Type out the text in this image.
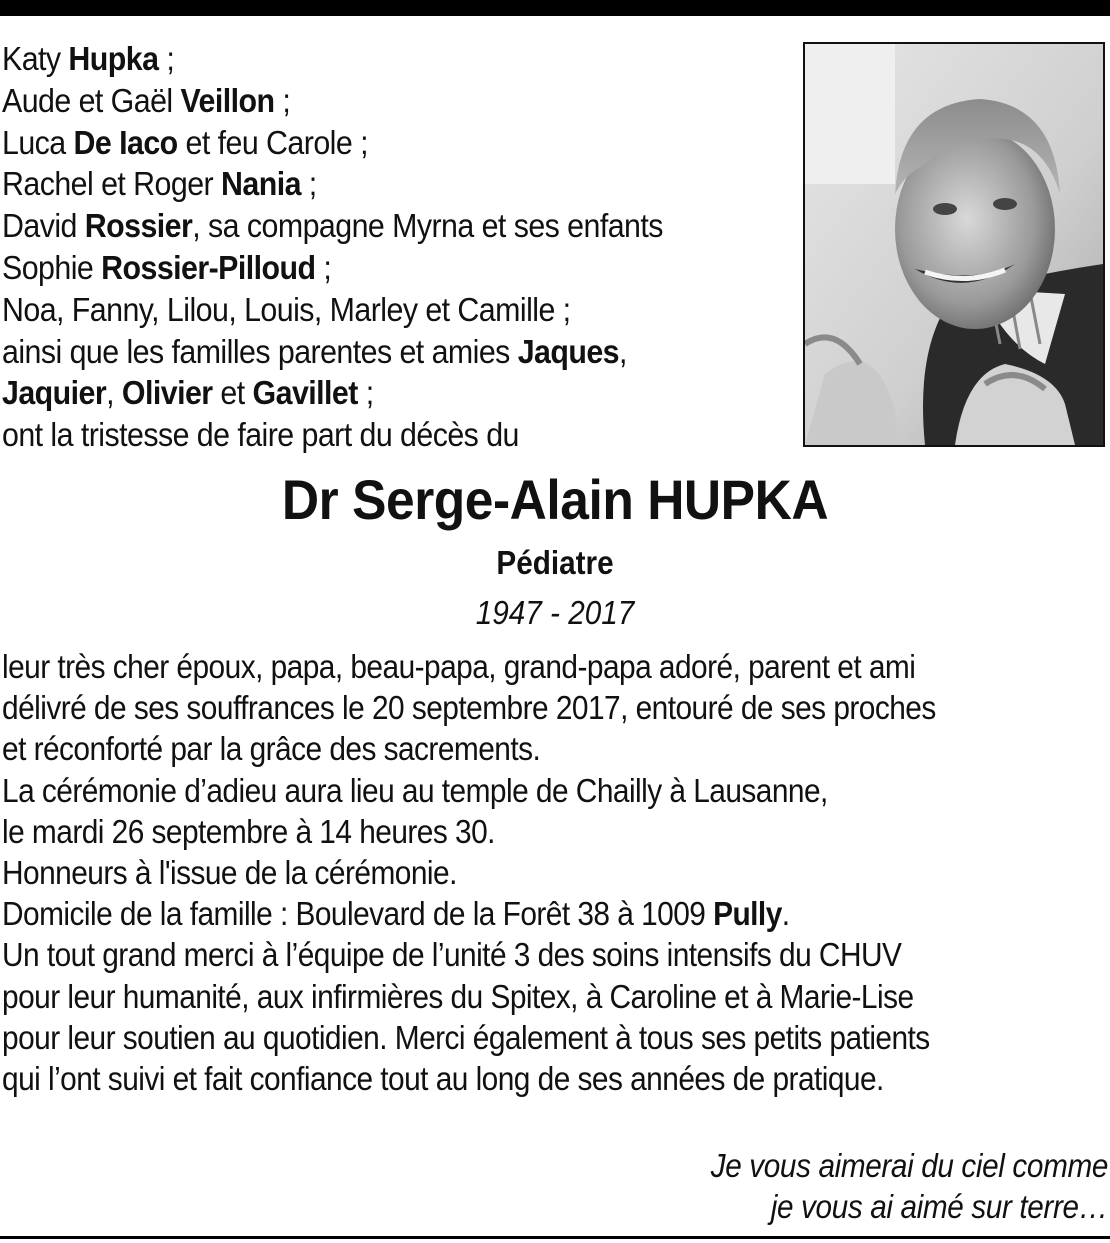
Katy Hupka ;
Aude et Gaël Veillon ;
Luca De Iaco et feu Carole ;
Rachel et Roger Nania ;
David Rossier, sa compagne Myrna et ses enfants
Sophie Rossier-Pilloud ;
Noa, Fanny, Lilou, Louis, Marley et Camille ;
ainsi que les familles parentes et amies Jaques,
Jaquier, Olivier et Gavillet ;
ont la tristesse de faire part du décès du
Dr Serge-Alain HUPKA
Pédiatre
1947 - 2017
leur très cher époux, papa, beau-papa, grand-papa adoré, parent et ami
délivré de ses souffrances le 20 septembre 2017, entouré de ses proches
et réconforté par la grâce des sacrements.
La cérémonie d’adieu aura lieu au temple de Chailly à Lausanne,
le mardi 26 septembre à 14 heures 30.
Honneurs à l'issue de la cérémonie.
Domicile de la famille : Boulevard de la Forêt 38 à 1009 Pully.
Un tout grand merci à l’équipe de l’unité 3 des soins intensifs du CHUV
pour leur humanité, aux infirmières du Spitex, à Caroline et à Marie-Lise
pour leur soutien au quotidien. Merci également à tous ses petits patients
qui l’ont suivi et fait confiance tout au long de ses années de pratique.
Je vous aimerai du ciel comme
je vous ai aimé sur terre…
